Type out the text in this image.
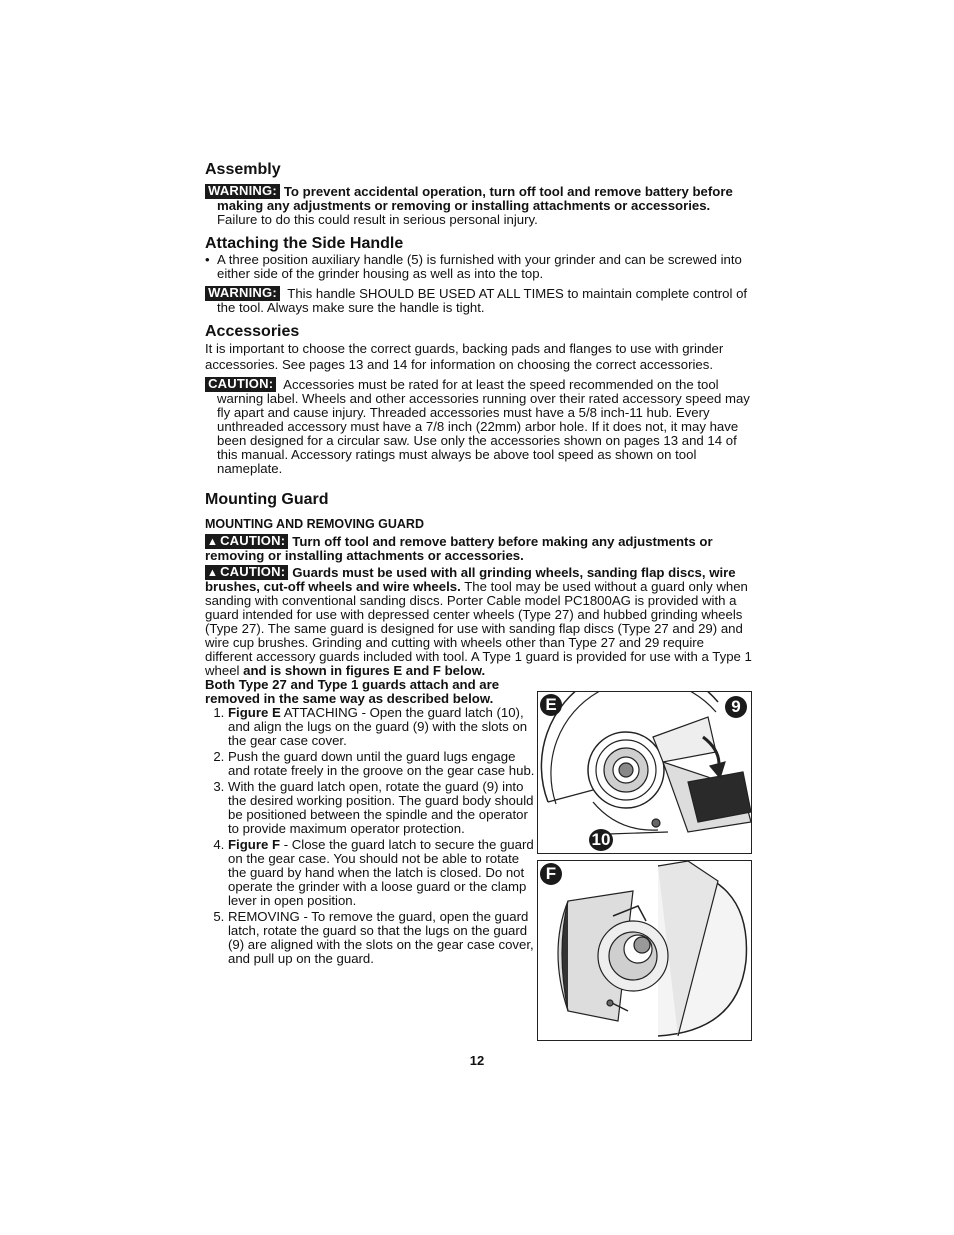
Assembly

▲ WARNING: To prevent accidental operation, turn off tool and remove battery before making any adjustments or removing or installing attachments or accessories. Failure to do this could result in serious personal injury.

Attaching the Side Handle
• A three position auxiliary handle (5) is furnished with your grinder and can be screwed into either side of the grinder housing as well as into the top.

▲ WARNING: This handle SHOULD BE USED AT ALL TIMES to maintain complete control of the tool. Always make sure the handle is tight.

Accessories

It is important to choose the correct guards, backing pads and flanges to use with grinder accessories. See pages 13 and 14 for information on choosing the correct accessories.

▲ CAUTION: Accessories must be rated for at least the speed recommended on the tool warning label. Wheels and other accessories running over their rated accessory speed may fly apart and cause injury. Threaded accessories must have a 5/8 inch-11 hub. Every unthreaded accessory must have a 7/8 inch (22mm) arbor hole. If it does not, it may have been designed for a circular saw. Use only the accessories shown on pages 13 and 14 of this manual. Accessory ratings must always be above tool speed as shown on tool nameplate.

Mounting Guard

MOUNTING AND REMOVING GUARD

▲ CAUTION: Turn off tool and remove battery before making any adjustments or removing or installing attachments or accessories.

▲ CAUTION: Guards must be used with all grinding wheels, sanding flap discs, wire brushes, cut-off wheels and wire wheels. The tool may be used without a guard only when sanding with conventional sanding discs. Porter Cable model PC1800AG is provided with a guard intended for use with depressed center wheels (Type 27) and hubbed grinding wheels (Type 27). The same guard is designed for use with sanding flap discs (Type 27 and 29) and wire cup brushes. Grinding and cutting with wheels other than Type 27 and 29 require different accessory guards included with tool. A Type 1 guard is provided for use with a Type 1 wheel and is shown in figures E and F below.

Both Type 27 and Type 1 guards attach and are removed in the same way as described below.

1. Figure E ATTACHING - Open the guard latch (10), and align the lugs on the guard (9) with the slots on the gear case cover.
2. Push the guard down until the guard lugs engage and rotate freely in the groove on the gear case hub.
3. With the guard latch open, rotate the guard (9) into the desired working position. The guard body should be positioned between the spindle and the operator to provide maximum operator protection.
4. Figure F - Close the guard latch to secure the guard on the gear case. You should not be able to rotate the guard by hand when the latch is closed. Do not operate the grinder with a loose guard or the clamp lever in open position.
5. REMOVING - To remove the guard, open the guard latch, rotate the guard so that the lugs on the guard (9) are aligned with the slots on the gear case cover, and pull up on the guard.
E	9
10
F
12
